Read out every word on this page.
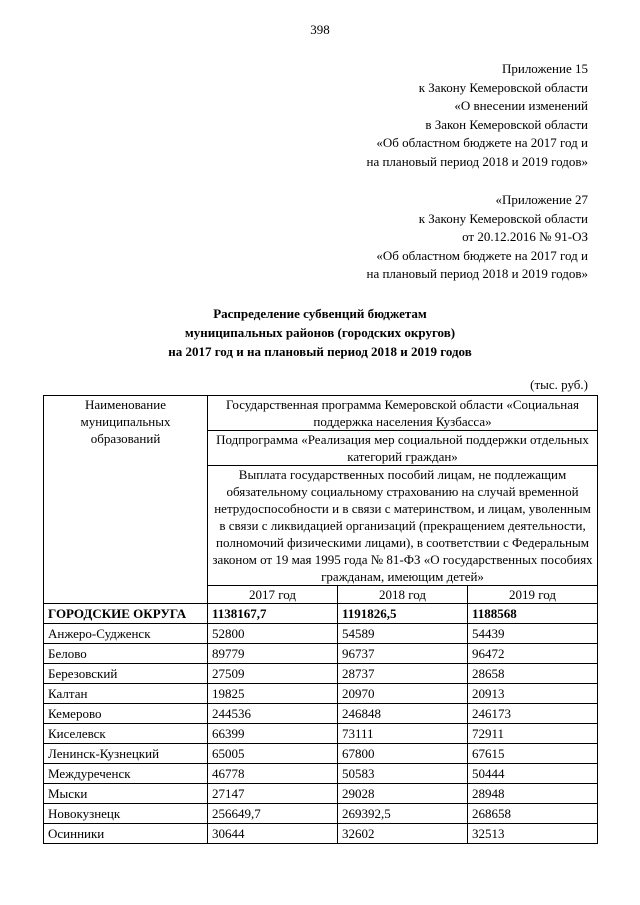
398
Приложение 15
к Закону Кемеровской области
«О внесении изменений
в Закон Кемеровской области
«Об областном бюджете на 2017 год и
на плановый период 2018 и 2019 годов»
«Приложение 27
к Закону Кемеровской области
от 20.12.2016 № 91-ОЗ
«Об областном бюджете на 2017 год и
на плановый период 2018 и 2019 годов»
Распределение субвенций бюджетам
муниципальных районов (городских округов)
на 2017 год и на плановый период 2018 и 2019 годов
(тыс. руб.)
Наименование муниципальных образований	Государственная программа Кемеровской области «Социальная поддержка населения Кузбасса»		
	Подпрограмма «Реализация мер социальной поддержки отдельных категорий граждан»		
	Выплата государственных пособий лицам, не подлежащим обязательному социальному страхованию на случай временной нетрудоспособности и в связи с материнством, и лицам, уволенным в связи с ликвидацией организаций (прекращением деятельности, полномочий физическими лицами), в соответствии с Федеральным законом от 19 мая 1995 года № 81-ФЗ «О государственных пособиях гражданам, имеющим детей»		
	2017 год	2018 год	2019 год
ГОРОДСКИЕ ОКРУГА	1138167,7	1191826,5	1188568
Анжеро-Судженск	52800	54589	54439
Белово	89779	96737	96472
Березовский	27509	28737	28658
Калтан	19825	20970	20913
Кемерово	244536	246848	246173
Киселевск	66399	73111	72911
Ленинск-Кузнецкий	65005	67800	67615
Междуреченск	46778	50583	50444
Мыски	27147	29028	28948
Новокузнецк	256649,7	269392,5	268658
Осинники	30644	32602	32513
